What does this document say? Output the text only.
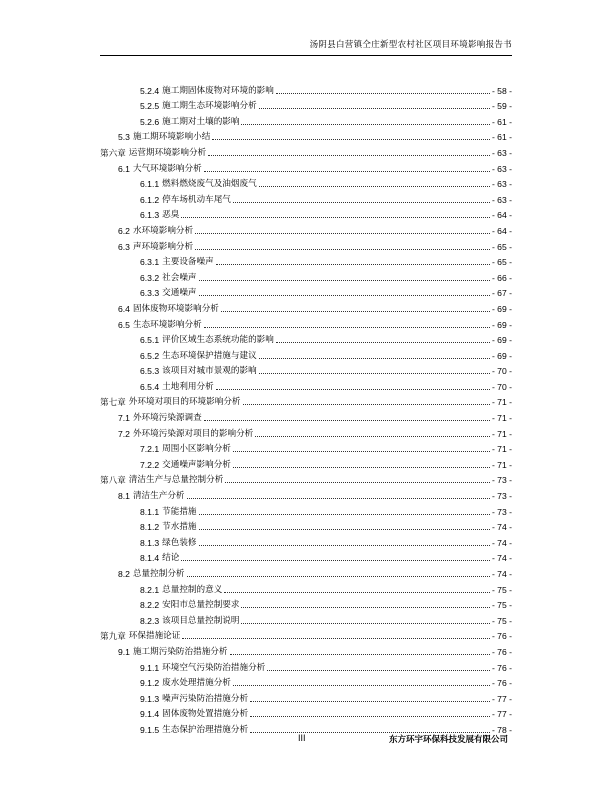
汤阴县白营镇仝庄新型农村社区项目环境影响报告书
5.2.4 施工期固体废物对环境的影响	- 58 -
5.2.5 施工期生态环境影响分析	- 59 -
5.2.6 施工期对土壤的影响	- 61 -
5.3 施工期环境影响小结	- 61 -
第六章 运营期环境影响分析	- 63 -
6.1 大气环境影响分析	- 63 -
6.1.1 燃料燃烧废气及油烟废气	- 63 -
6.1.2 停车场机动车尾气	- 63 -
6.1.3 恶臭	- 64 -
6.2 水环境影响分析	- 64 -
6.3 声环境影响分析	- 65 -
6.3.1 主要设备噪声	- 65 -
6.3.2 社会噪声	- 66 -
6.3.3 交通噪声	- 67 -
6.4 固体废物环境影响分析	- 69 -
6.5 生态环境影响分析	- 69 -
6.5.1 评价区域生态系统功能的影响	- 69 -
6.5.2 生态环境保护措施与建议	- 69 -
6.5.3 该项目对城市景观的影响	- 70 -
6.5.4 土地利用分析	- 70 -
第七章 外环境对项目的环境影响分析	- 71 -
7.1 外环境污染源调查	- 71 -
7.2 外环境污染源对项目的影响分析	- 71 -
7.2.1 周围小区影响分析	- 71 -
7.2.2 交通噪声影响分析	- 71 -
第八章 清洁生产与总量控制分析	- 73 -
8.1 清洁生产分析	- 73 -
8.1.1 节能措施	- 73 -
8.1.2 节水措施	- 74 -
8.1.3 绿色装修	- 74 -
8.1.4 结论	- 74 -
8.2 总量控制分析	- 74 -
8.2.1 总量控制的意义	- 75 -
8.2.2 安阳市总量控制要求	- 75 -
8.2.3 该项目总量控制说明	- 75 -
第九章 环保措施论证	- 76 -
9.1 施工期污染防治措施分析	- 76 -
9.1.1 环境空气污染防治措施分析	- 76 -
9.1.2 废水处理措施分析	- 76 -
9.1.3 噪声污染防治措施分析	- 77 -
9.1.4 固体废物处置措施分析	- 77 -
9.1.5 生态保护治理措施分析	- 78 -
III	东方环宇环保科技发展有限公司
